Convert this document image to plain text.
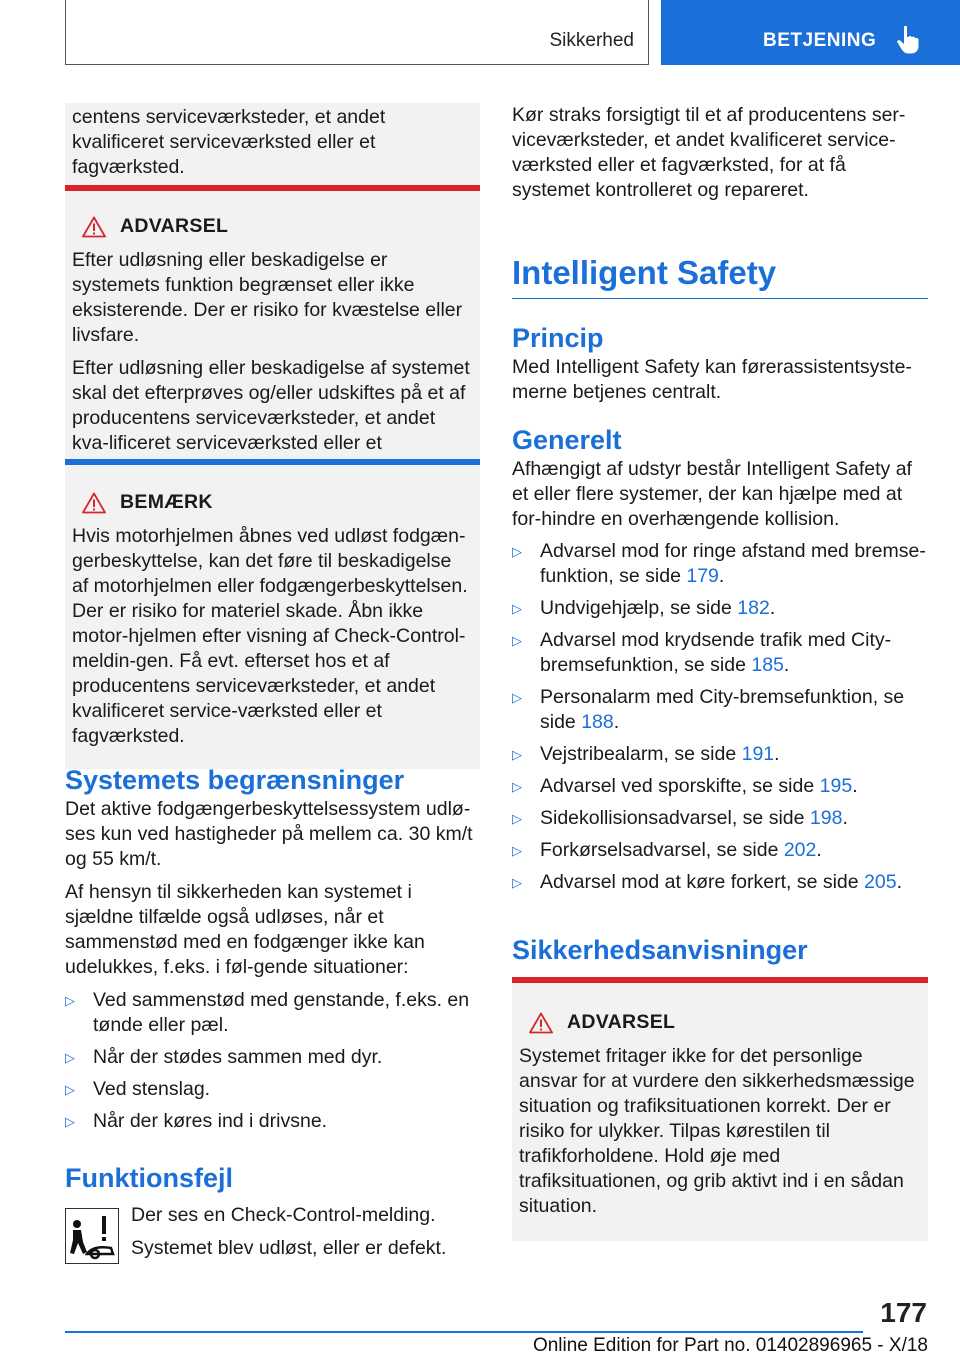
Sikkerhed	BETJENING

centens serviceværksteder, et andet kvalificeret serviceværksted eller et fagværksted.

ADVARSEL

Efter udløsning eller beskadigelse er systemets funktion begrænset eller ikke eksisterende. Der er risiko for kvæstelse eller livsfare.

Efter udløsning eller beskadigelse af systemet skal det efterprøves og/eller udskiftes på et af producentens serviceværksteder, et andet kva‐lificeret serviceværksted eller et

BEMÆRK

Hvis motorhjelmen åbnes ved udløst fodgæn‐gerbeskyttelse, kan det føre til beskadigelse af motorhjelmen eller fodgængerbeskyttelsen. Der er risiko for materiel skade. Åbn ikke motor‐hjelmen efter visning af Check-Control-meldin‐gen. Få evt. efterset hos et af producentens serviceværksteder, et andet kvalificeret service‐værksted eller et fagværksted.

Systemets begrænsninger

Det aktive fodgængerbeskyttelsessystem udlø‐ses kun ved hastigheder på mellem ca. 30 km/t og 55 km/t.

Af hensyn til sikkerheden kan systemet i sjældne tilfælde også udløses, når et sammenstød med en fodgænger ikke kan udelukkes, f.eks. i føl‐gende situationer:

▷ Ved sammenstød med genstande, f.eks. en tønde eller pæl.
▷ Når der stødes sammen med dyr.
▷ Ved stenslag.
▷ Når der køres ind i drivsne.
Funktionsfejl

Der ses en Check-Control-melding.

Systemet blev udløst, eller er defekt.

Kør straks forsigtigt til et af producentens ser‐viceværksteder, et andet kvalificeret service‐værksted eller et fagværksted, for at få systemet kontrolleret og repareret.

Intelligent Safety
Princip

Med Intelligent Safety kan førerassistentsyste‐merne betjenes centralt.

Generelt

Afhængigt af udstyr består Intelligent Safety af et eller flere systemer, der kan hjælpe med at for‐hindre en overhængende kollision.

▷ Advarsel mod for ringe afstand med bremse‐funktion, se side 179.
▷ Undvigehjælp, se side 182.
▷ Advarsel mod krydsende trafik med City-bremsefunktion, se side 185.
▷ Personalarm med City-bremsefunktion, se side 188.
▷ Vejstribealarm, se side 191.
▷ Advarsel ved sporskifte, se side 195.
▷ Sidekollisionsadvarsel, se side 198.
▷ Forkørselsadvarsel, se side 202.
▷ Advarsel mod at køre forkert, se side 205.
Sikkerhedsanvisninger
ADVARSEL

Systemet fritager ikke for det personlige ansvar for at vurdere den sikkerhedsmæssige situation og trafiksituationen korrekt. Der er risiko for ulykker. Tilpas kørestilen til trafikforholdene. Hold øje med trafiksituationen, og grib aktivt ind i en sådan situation.

177
Online Edition for Part no. 01402896965 - X/18
